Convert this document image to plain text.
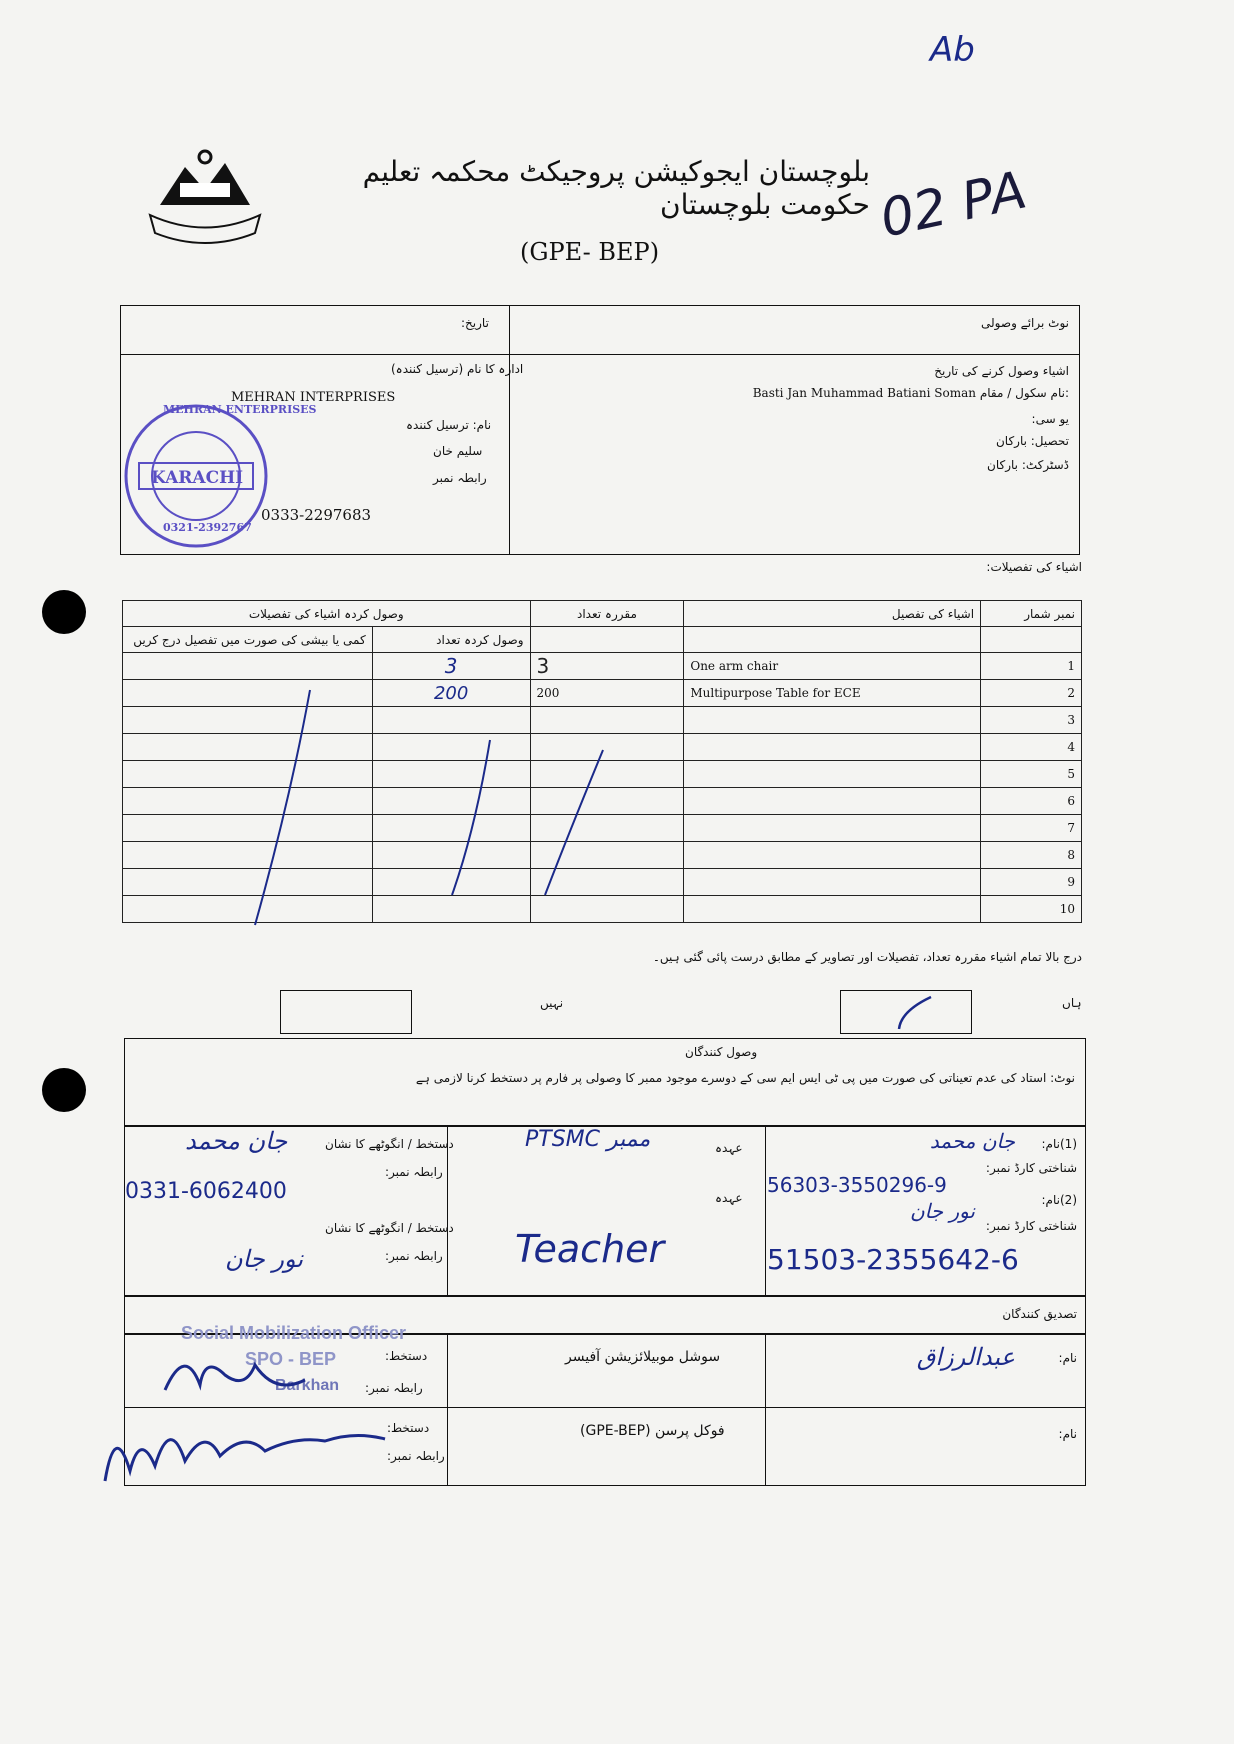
Ab
02 PA
بلوچستان ایجوکیشن پروجیکٹ محکمہ تعلیم حکومت بلوچستان
(GPE- BEP)
نوٹ برائے وصولی
تاریخ:
اشیاء وصول کرنے کی تاریخ
Basti Jan Muhammad Batiani Soman نام سکول / مقام:
یو سی:
تحصیل: بارکان
ڈسٹرکٹ: بارکان
ادارہ کا نام (ترسیل کنندہ)
MEHRAN INTERPRISES
نام: ترسیل کنندہ
سلیم خان
رابطہ نمبر
0333-2297683
MEHRAN ENTERPRISES
KARACHI
0321-2392767
اشیاء کی تفصیلات:
وصول کردہ اشیاء کی تفصیلات		مقررہ تعداد	اشیاء کی تفصیل	نمبر شمار
کمی یا بیشی کی صورت میں تفصیل درج کریں	وصول کردہ تعداد			
	3	3	One arm chair	1
	200	200	Multipurpose Table for ECE	2
				3
				4
				5
				6
				7
				8
				9
				10
درج بالا تمام اشیاء مقررہ تعداد، تفصیلات اور تصاویر کے مطابق درست پائی گئی ہیں۔
ہاں
نہیں
وصول کنندگان
نوٹ: استاد کی عدم تعیناتی کی صورت میں پی ٹی ایس ایم سی کے دوسرے موجود ممبر کا وصولی پر فارم پر دستخط کرنا لازمی ہے
(1)نام:
جان محمد
شناختی کارڈ نمبر:
56303-3550296-9
(2)نام:
نور جان
شناختی کارڈ نمبر:
51503-2355642-6
عہدہ
PTSMC ممبر
عہدہ
Teacher
دستخط / انگوٹھے کا نشان
جان محمد
رابطہ نمبر:
0331-6062400
دستخط / انگوٹھے کا نشان
رابطہ نمبر:
نور جان
تصدیق کنندگان
نام:
عبدالرزاق
سوشل موبیلائزیشن آفیسر
دستخط:
رابطہ نمبر:
Social Mobilization Officer
SPO - BEP
Barkhan
نام:
فوکل پرسن (GPE-BEP)
دستخط:
رابطہ نمبر:
